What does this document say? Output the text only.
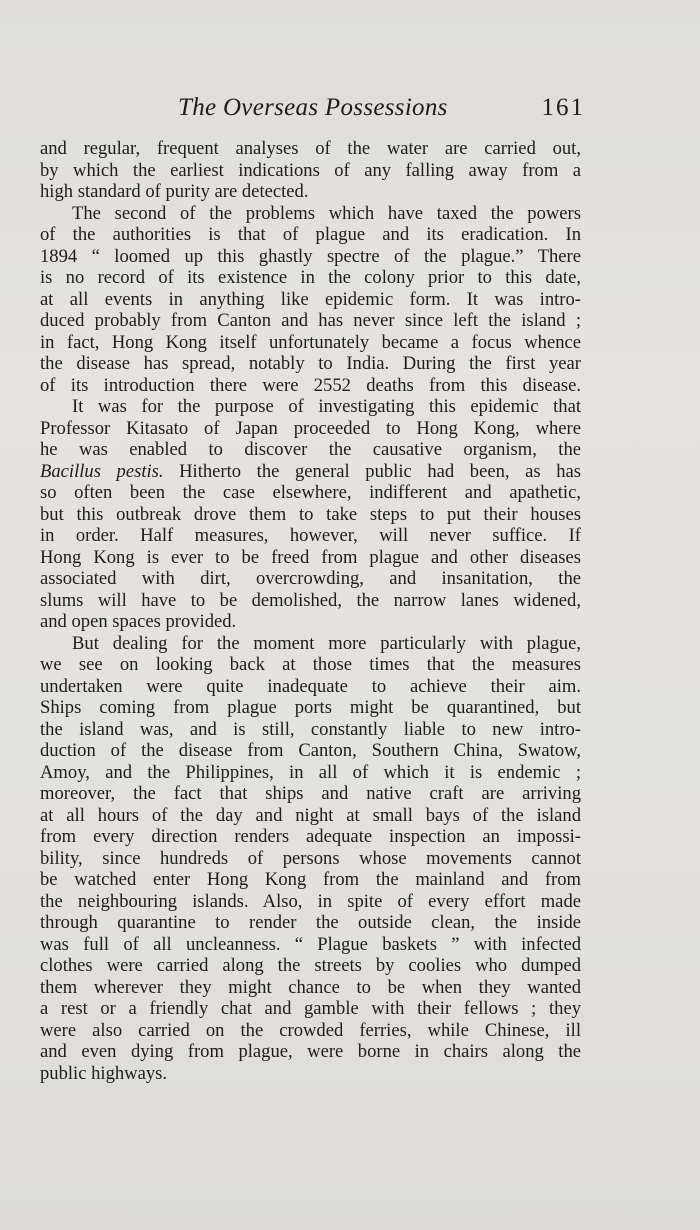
The Overseas Possessions	161
and regular, frequent analyses of the water are carried out,
by which the earliest indications of any falling away from a
high standard of purity are detected.
The second of the problems which have taxed the powers
of the authorities is that of plague and its eradication. In
1894 “ loomed up this ghastly spectre of the plague.” There
is no record of its existence in the colony prior to this date,
at all events in anything like epidemic form. It was intro-
duced probably from Canton and has never since left the island ;
in fact, Hong Kong itself unfortunately became a focus whence
the disease has spread, notably to India. During the first year
of its introduction there were 2552 deaths from this disease.
It was for the purpose of investigating this epidemic that
Professor Kitasato of Japan proceeded to Hong Kong, where
he was enabled to discover the causative organism, the
Bacillus pestis. Hitherto the general public had been, as has
so often been the case elsewhere, indifferent and apathetic,
but this outbreak drove them to take steps to put their houses
in order. Half measures, however, will never suffice. If
Hong Kong is ever to be freed from plague and other diseases
associated with dirt, overcrowding, and insanitation, the
slums will have to be demolished, the narrow lanes widened,
and open spaces provided.
But dealing for the moment more particularly with plague,
we see on looking back at those times that the measures
undertaken were quite inadequate to achieve their aim.
Ships coming from plague ports might be quarantined, but
the island was, and is still, constantly liable to new intro-
duction of the disease from Canton, Southern China, Swatow,
Amoy, and the Philippines, in all of which it is endemic ;
moreover, the fact that ships and native craft are arriving
at all hours of the day and night at small bays of the island
from every direction renders adequate inspection an impossi-
bility, since hundreds of persons whose movements cannot
be watched enter Hong Kong from the mainland and from
the neighbouring islands. Also, in spite of every effort made
through quarantine to render the outside clean, the inside
was full of all uncleanness. “ Plague baskets ” with infected
clothes were carried along the streets by coolies who dumped
them wherever they might chance to be when they wanted
a rest or a friendly chat and gamble with their fellows ; they
were also carried on the crowded ferries, while Chinese, ill
and even dying from plague, were borne in chairs along the
public highways.
